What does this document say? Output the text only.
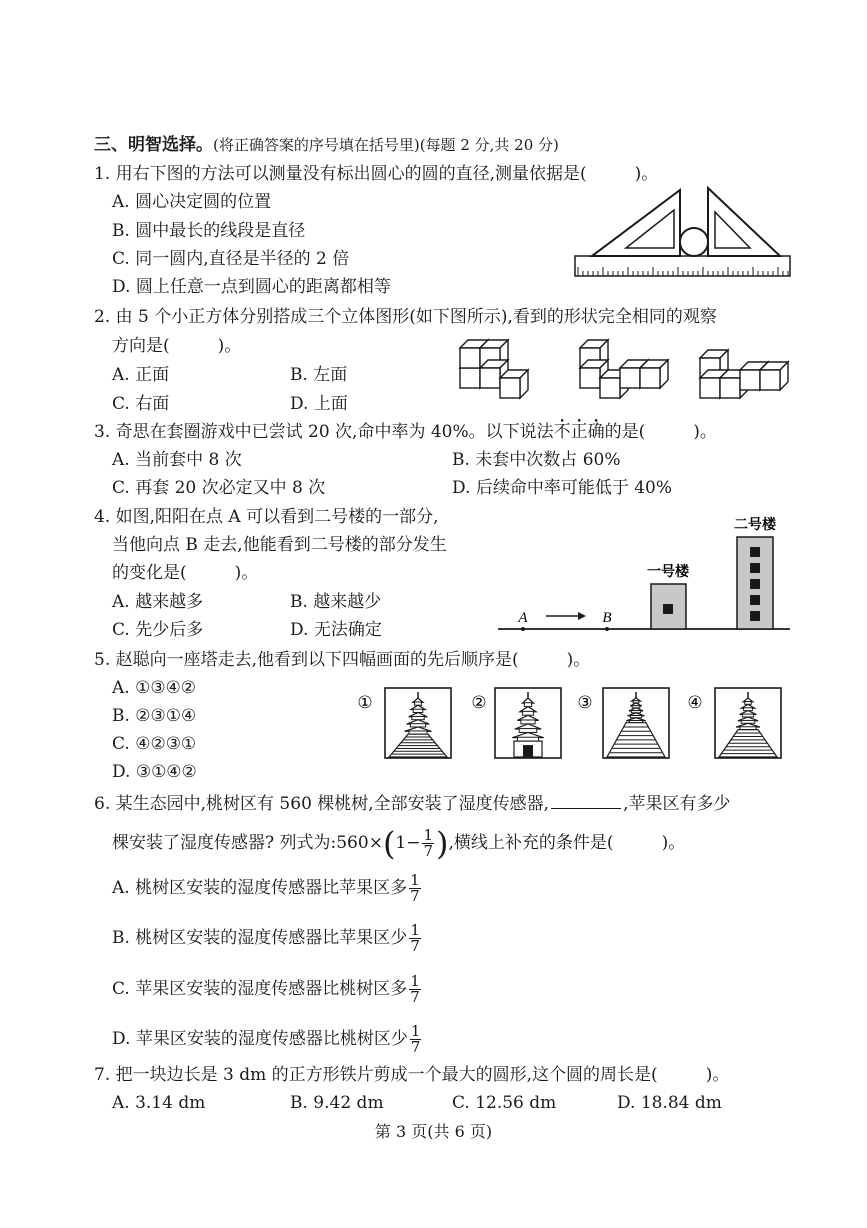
三、明智选择。(将正确答案的序号填在括号里)(每题 2 分,共 20 分)
1. 用右下图的方法可以测量没有标出圆心的圆的直径,测量依据是(	)。
A. 圆心决定圆的位置
B. 圆中最长的线段是直径
C. 同一圆内,直径是半径的 2 倍
D. 圆上任意一点到圆心的距离都相等
2. 由 5 个小正方体分别搭成三个立体图形(如下图所示),看到的形状完全相同的观察
方向是(	)。
A. 正面	B. 左面
C. 右面	D. 上面
3. 奇思在套圈游戏中已尝试 20 次,命中率为 40%。以下说法不正确的是(	)。
A. 当前套中 8 次	B. 未套中次数占 60%
C. 再套 20 次必定又中 8 次	D. 后续命中率可能低于 40%
4. 如图,阳阳在点 A 可以看到二号楼的一部分,
当他向点 B 走去,他能看到二号楼的部分发生
的变化是(	)。
A. 越来越多	B. 越来越少
C. 先少后多	D. 无法确定
A	B
一号楼
二号楼
5. 赵聪向一座塔走去,他看到以下四幅画面的先后顺序是(	)。
A. ①③④②
B. ②③①④
C. ④②③①
D. ③①④②
①	②	③	④
6. 某生态园中,桃树区有 560 棵桃树,全部安装了湿度传感器,	,苹果区有多少
棵安装了湿度传感器? 列式为:560×(1− $\frac{1}{7}$ ),横线上补充的条件是(	)。
A. 桃树区安装的湿度传感器比苹果区多 $\frac{1}{7}$
B. 桃树区安装的湿度传感器比苹果区少 $\frac{1}{7}$
C. 苹果区安装的湿度传感器比桃树区多 $\frac{1}{7}$
D. 苹果区安装的湿度传感器比桃树区少 $\frac{1}{7}$
7. 把一块边长是 3 dm 的正方形铁片剪成一个最大的圆形,这个圆的周长是(	)。
A. 3.14 dm	B. 9.42 dm	C. 12.56 dm	D. 18.84 dm
第 3 页(共 6 页)
